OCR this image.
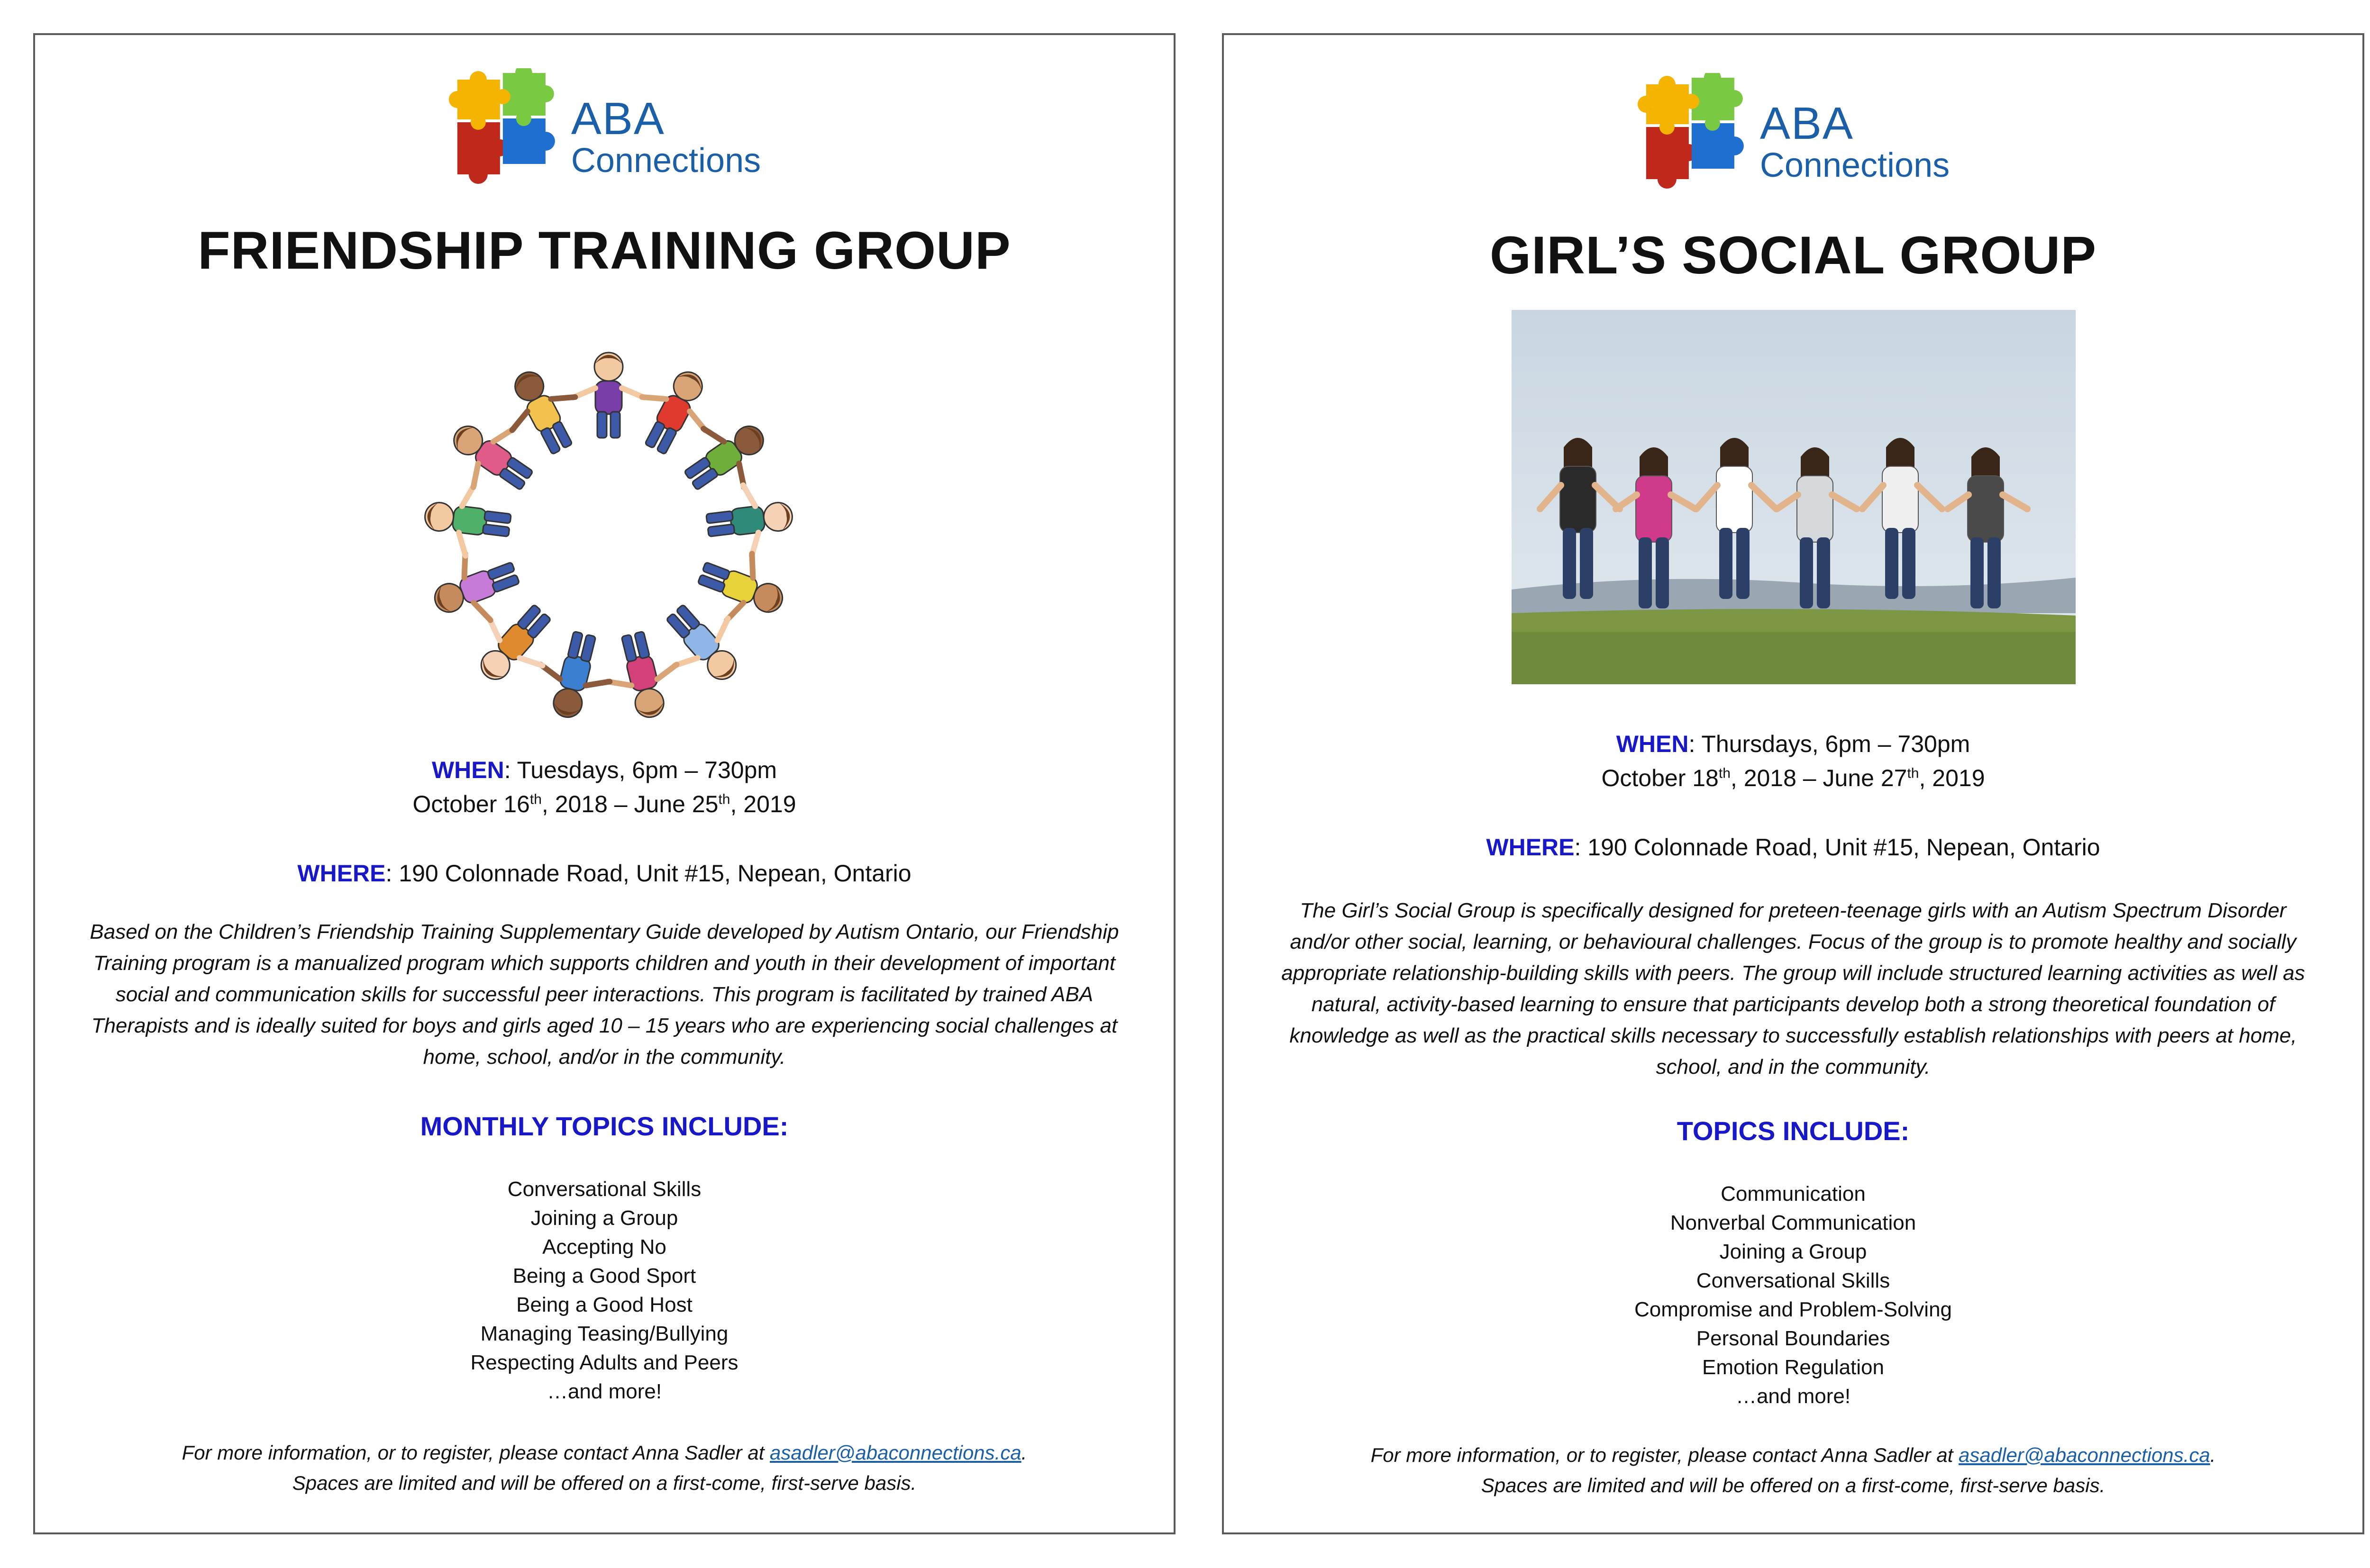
ABA
Connections
FRIENDSHIP TRAINING GROUP
WHEN: Tuesdays, 6pm – 730pm
October 16th, 2018 – June 25th, 2019
WHERE: 190 Colonnade Road, Unit #15, Nepean, Ontario
Based on the Children’s Friendship Training Supplementary Guide developed by Autism Ontario, our Friendship Training program is a manualized program which supports children and youth in their development of important social and communication skills for successful peer interactions. This program is facilitated by trained ABA Therapists and is ideally suited for boys and girls aged 10 – 15 years who are experiencing social challenges at home, school, and/or in the community.
MONTHLY TOPICS INCLUDE:
Conversational Skills
Joining a Group
Accepting No
Being a Good Sport
Being a Good Host
Managing Teasing/Bullying
Respecting Adults and Peers
…and more!
For more information, or to register, please contact Anna Sadler at asadler@abaconnections.ca.
Spaces are limited and will be offered on a first-come, first-serve basis.
ABA
Connections
GIRL’S SOCIAL GROUP
WHEN: Thursdays, 6pm – 730pm
October 18th, 2018 – June 27th, 2019
WHERE: 190 Colonnade Road, Unit #15, Nepean, Ontario
The Girl’s Social Group is specifically designed for preteen-teenage girls with an Autism Spectrum Disorder and/or other social, learning, or behavioural challenges. Focus of the group is to promote healthy and socially appropriate relationship-building skills with peers. The group will include structured learning activities as well as natural, activity-based learning to ensure that participants develop both a strong theoretical foundation of knowledge as well as the practical skills necessary to successfully establish relationships with peers at home, school, and in the community.
TOPICS INCLUDE:
Communication
Nonverbal Communication
Joining a Group
Conversational Skills
Compromise and Problem-Solving
Personal Boundaries
Emotion Regulation
…and more!
For more information, or to register, please contact Anna Sadler at asadler@abaconnections.ca.
Spaces are limited and will be offered on a first-come, first-serve basis.
